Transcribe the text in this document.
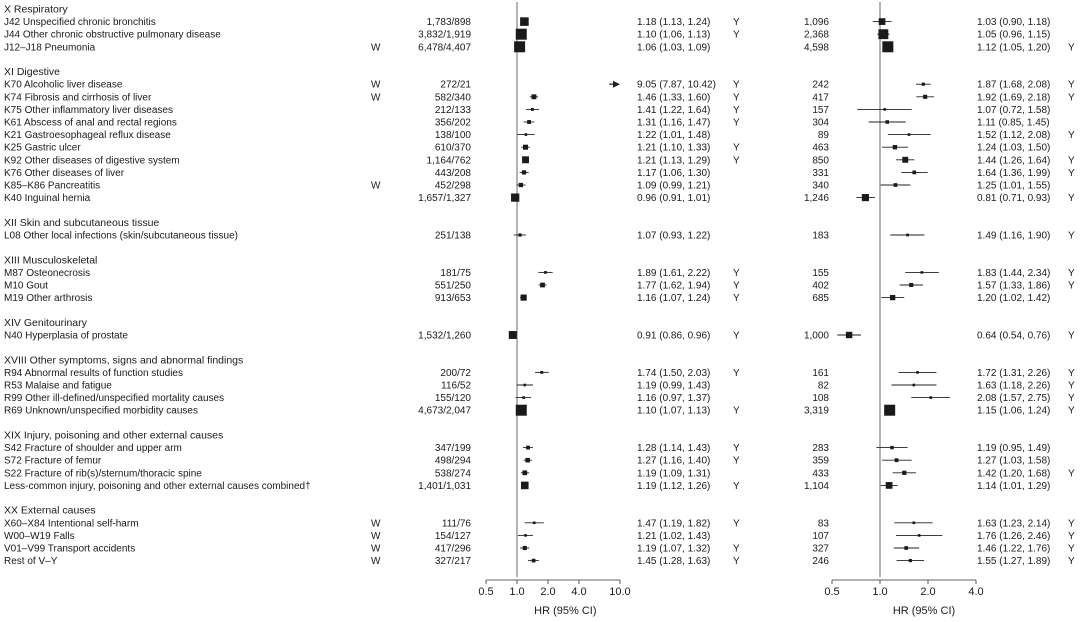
0.5 1.0 2.0 4.0 10.0	0.5	1.0	2.0	4.0
HR (95% CI)	HR (95% CI)
X Respiratory
J42 Unspecified chronic bronchitis	1,783/898	1.18 (1.13, 1.24) Y	1,096	1.03 (0.90, 1.18)
J44 Other chronic obstructive pulmonary disease	3,832/1,919	1.10 (1.06, 1.13) Y	2,368	1.05 (0.96, 1.15)
J12–J18 Pneumonia	W	6,478/4,407	1.06 (1.03, 1.09)	4,598	1.12 (1.05, 1.20) Y
XI Digestive
K70 Alcoholic liver disease	W	272/21	9.05 (7.87, 10.42) Y	242	1.87 (1.68, 2.08) Y
K74 Fibrosis and cirrhosis of liver	W	582/340	1.46 (1.33, 1.60) Y	417	1.92 (1.69, 2.18) Y
K75 Other inflammatory liver diseases	212/133	1.41 (1.22, 1.64) Y	157	1.07 (0.72, 1.58)
K61 Abscess of anal and rectal regions	356/202	1.31 (1.16, 1.47) Y	304	1.11 (0.85, 1.45)
K21 Gastroesophageal reflux disease	138/100	1.22 (1.01, 1.48)	89	1.52 (1.12, 2.08) Y
K25 Gastric ulcer	610/370	1.21 (1.10, 1.33) Y	463	1.24 (1.03, 1.50)
K92 Other diseases of digestive system	1,164/762	1.21 (1.13, 1.29) Y	850	1.44 (1.26, 1.64) Y
K76 Other diseases of liver	443/208	1.17 (1.06, 1.30)	331	1.64 (1.36, 1.99) Y
K85–K86 Pancreatitis	W	452/298	1.09 (0.99, 1.21)	340	1.25 (1.01, 1.55)
K40 Inguinal hernia	1,657/1,327	0.96 (0.91, 1.01)	1,246	0.81 (0.71, 0.93) Y
XII Skin and subcutaneous tissue
L08 Other local infections (skin/subcutaneous tissue)	251/138	1.07 (0.93, 1.22)	183	1.49 (1.16, 1.90) Y
XIII Musculoskeletal
M87 Osteonecrosis	181/75	1.89 (1.61, 2.22) Y	155	1.83 (1.44, 2.34) Y
M10 Gout	551/250	1.77 (1.62, 1.94) Y	402	1.57 (1.33, 1.86) Y
M19 Other arthrosis	913/653	1.16 (1.07, 1.24) Y	685	1.20 (1.02, 1.42)
XIV Genitourinary
N40 Hyperplasia of prostate	1,532/1,260	0.91 (0.86, 0.96) Y	1,000	0.64 (0.54, 0.76) Y
XVIII Other symptoms, signs and abnormal findings
R94 Abnormal results of function studies	200/72	1.74 (1.50, 2.03) Y	161	1.72 (1.31, 2.26) Y
R53 Malaise and fatigue	116/52	1.19 (0.99, 1.43)	82	1.63 (1.18, 2.26) Y
R99 Other ill-defined/unspecified mortality causes	155/120	1.16 (0.97, 1.37)	108	2.08 (1.57, 2.75) Y
R69 Unknown/unspecified morbidity causes	4,673/2,047	1.10 (1.07, 1.13) Y	3,319	1.15 (1.06, 1.24) Y
XIX Injury, poisoning and other external causes
S42 Fracture of shoulder and upper arm	347/199	1.28 (1.14, 1.43) Y	283	1.19 (0.95, 1.49)
S72 Fracture of femur	498/294	1.27 (1.16, 1.40) Y	359	1.27 (1.03, 1.58)
S22 Fracture of rib(s)/sternum/thoracic spine	538/274	1.19 (1.09, 1.31)	433	1.42 (1.20, 1.68) Y
Less-common injury, poisoning and other external causes combined†	1,401/1,031	1.19 (1.12, 1.26) Y	1,104	1.14 (1.01, 1.29)
XX External causes
X60–X84 Intentional self-harm	W	111/76	1.47 (1.19, 1.82) Y	83	1.63 (1.23, 2.14) Y
W00–W19 Falls	W	154/127	1.21 (1.02, 1.43)	107	1.76 (1.26, 2.46) Y
V01–V99 Transport accidents	W	417/296	1.19 (1.07, 1.32) Y	327	1.46 (1.22, 1.76) Y
Rest of V–Y	W	327/217	1.45 (1.28, 1.63) Y	246	1.55 (1.27, 1.89) Y
